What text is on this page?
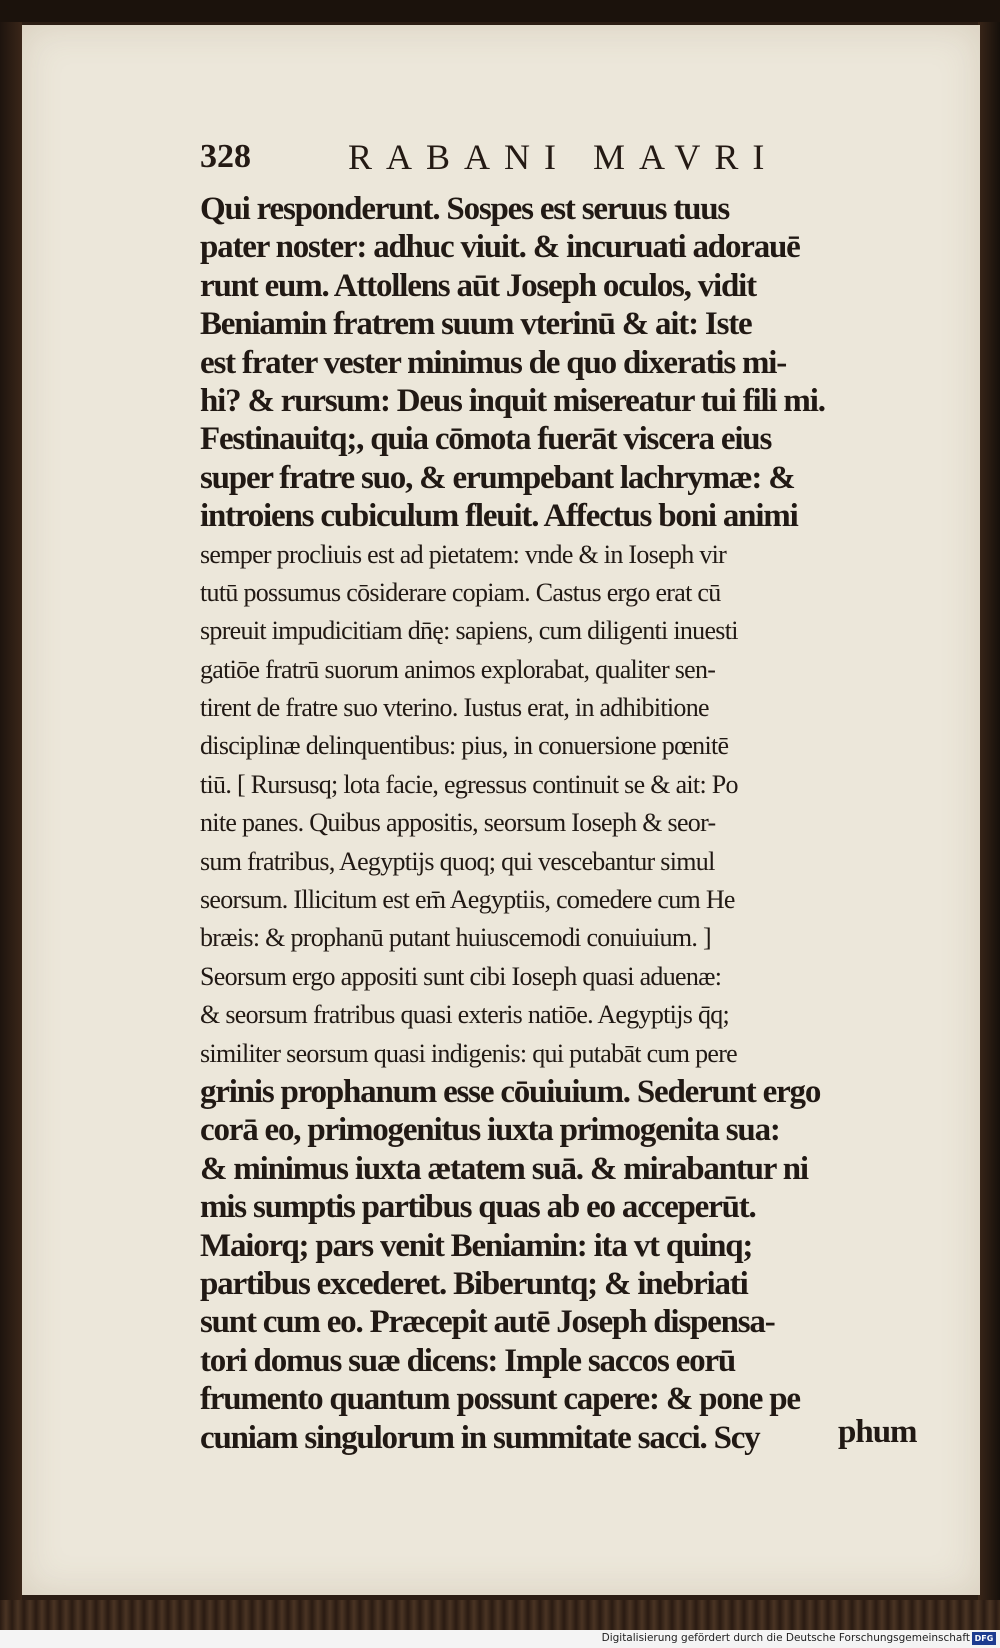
328	RABANI MAVRI
Qui responderunt. Sospes est seruus tuus
pater noster: adhuc viuit. & incuruati adorauē
runt eum. Attollens aūt Joseph oculos, vidit
Beniamin fratrem suum vterinū & ait: Iste
est frater vester minimus de quo dixeratis mi-
hi? & rursum: Deus inquit misereatur tui fili mi.
Festinauitq;, quia cōmota fuerāt viscera eius
super fratre suo, & erumpebant lachrymæ: &
introiens cubiculum fleuit. Affectus boni animi
semper procliuis est ad pietatem: vnde & in Ioseph vir
tutū possumus cōsiderare copiam. Castus ergo erat cū
spreuit impudicitiam dn̄ę: sapiens, cum diligenti inuesti
gatiōe fratrū suorum animos explorabat, qualiter sen-
tirent de fratre suo vterino. Iustus erat, in adhibitione
disciplinæ delinquentibus: pius, in conuersione pœnitē
tiū. [ Rursusq; lota facie, egressus continuit se & ait: Po
nite panes. Quibus appositis, seorsum Ioseph & seor-
sum fratribus, Aegyptijs quoq; qui vescebantur simul
seorsum. Illicitum est em̄ Aegyptiis, comedere cum He
bræis: & prophanū putant huiuscemodi conuiuium. ]
Seorsum ergo appositi sunt cibi Ioseph quasi aduenæ:
& seorsum fratribus quasi exteris natiōe. Aegyptijs q̄q;
similiter seorsum quasi indigenis: qui putabāt cum pere
grinis prophanum esse cōuiuium. Sederunt ergo
corā eo, primogenitus iuxta primogenita sua:
& minimus iuxta ætatem suā. & mirabantur ni
mis sumptis partibus quas ab eo acceperūt.
Maiorq; pars venit Beniamin: ita vt quinq;
partibus excederet. Biberuntq; & inebriati
sunt cum eo. Præcepit autē Joseph dispensa-
tori domus suæ dicens: Imple saccos eorū
frumento quantum possunt capere: & pone pe
cuniam singulorum in summitate sacci. Scy	phum
Digitalisierung gefördert durch die Deutsche Forschungsgemeinschaft DFG
